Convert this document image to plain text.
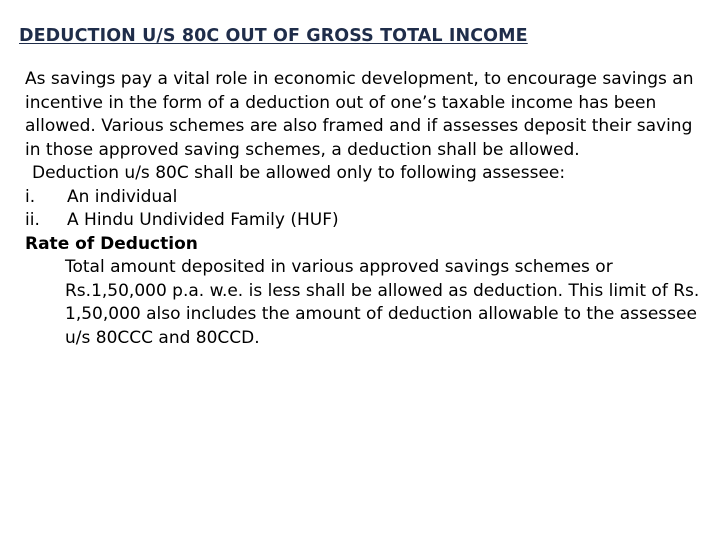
DEDUCTION U/S 80C OUT OF GROSS TOTAL INCOME

As savings pay a vital role in economic development, to encourage savings an incentive in the form of a deduction out of one’s taxable income has been allowed. Various schemes are also framed and if assesses deposit their saving in those approved saving schemes, a deduction shall be allowed.

Deduction u/s 80C shall be allowed only to following assessee:

i.	An individual
ii.	A Hindu Undivided Family (HUF)

Rate of Deduction

Total amount deposited in various approved savings schemes or Rs.1,50,000 p.a. w.e. is less shall be allowed as deduction. This limit of Rs. 1,50,000 also includes the amount of deduction allowable to the assessee u/s 80CCC and 80CCD.
